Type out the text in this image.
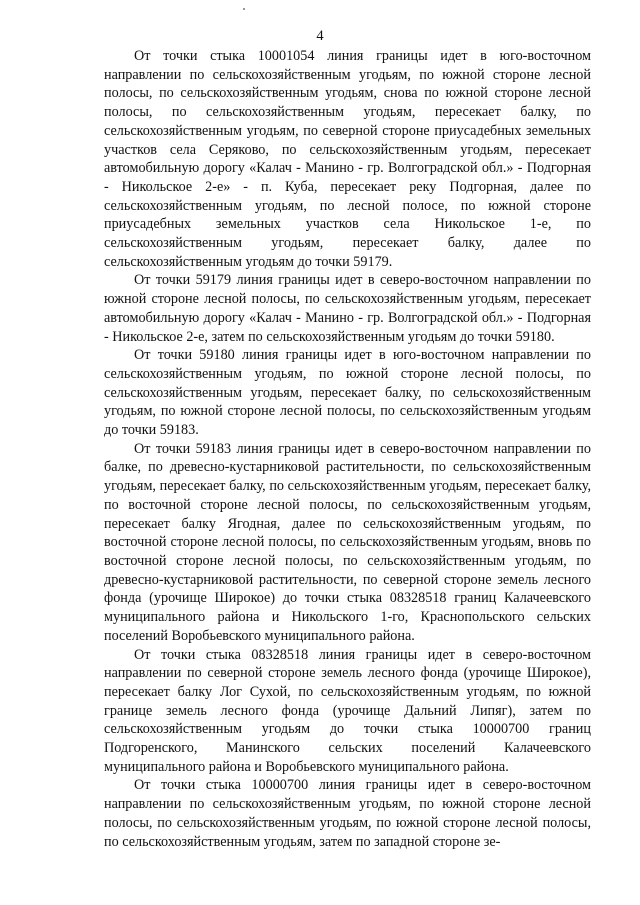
4

От точки стыка 10001054 линия границы идет в юго-восточном направлении по сельскохозяйственным угодьям, по южной стороне лесной полосы, по сельскохозяйственным угодьям, снова по южной стороне лесной полосы, по сельскохозяйственным угодьям, пересекает балку, по сельскохозяйственным угодьям, по северной стороне приусадебных земельных участков села Серяково, по сельскохозяйственным угодьям, пересекает автомобильную дорогу «Калач - Манино - гр. Волгоградской обл.» - Подгорная - Никольское 2-е» - п. Куба, пересекает реку Подгорная, далее по сельскохозяйственным угодьям, по лесной полосе, по южной стороне приусадебных земельных участков села Никольское 1-е, по сельскохозяйственным угодьям, пересекает балку, далее по сельскохозяйственным угодьям до точки 59179.

От точки 59179 линия границы идет в северо-восточном направлении по южной стороне лесной полосы, по сельскохозяйственным угодьям, пересекает автомобильную дорогу «Калач - Манино - гр. Волгоградской обл.» - Подгорная - Никольское 2-е, затем по сельскохозяйственным угодьям до точки 59180.

От точки 59180 линия границы идет в юго-восточном направлении по сельскохозяйственным угодьям, по южной стороне лесной полосы, по сельскохозяйственным угодьям, пересекает балку, по сельскохозяйственным угодьям, по южной стороне лесной полосы, по сельскохозяйственным угодьям до точки 59183.

От точки 59183 линия границы идет в северо-восточном направлении по балке, по древесно-кустарниковой растительности, по сельскохозяйственным угодьям, пересекает балку, по сельскохозяйственным угодьям, пересекает балку, по восточной стороне лесной полосы, по сельскохозяйственным угодьям, пересекает балку Ягодная, далее по сельскохозяйственным угодьям, по восточной стороне лесной полосы, по сельскохозяйственным угодьям, вновь по восточной стороне лесной полосы, по сельскохозяйственным угодьям, по древесно-кустарниковой растительности, по северной стороне земель лесного фонда (урочище Широкое) до точки стыка 08328518 границ Калачеевского муниципального района и Никольского 1-го, Краснопольского сельских поселений Воробьевского муниципального района.

От точки стыка 08328518 линия границы идет в северо-восточном направлении по северной стороне земель лесного фонда (урочище Широкое), пересекает балку Лог Сухой, по сельскохозяйственным угодьям, по южной границе земель лесного фонда (урочище Дальний Липяг), затем по сельскохозяйственным угодьям до точки стыка 10000700 границ Подгоренского, Манинского сельских поселений Калачеевского муниципального района и Воробьевского муниципального района.

От точки стыка 10000700 линия границы идет в северо-восточном направлении по сельскохозяйственным угодьям, по южной стороне лесной полосы, по сельскохозяйственным угодьям, по южной стороне лесной полосы, по сельскохозяйственным угодьям, затем по западной стороне зе-
